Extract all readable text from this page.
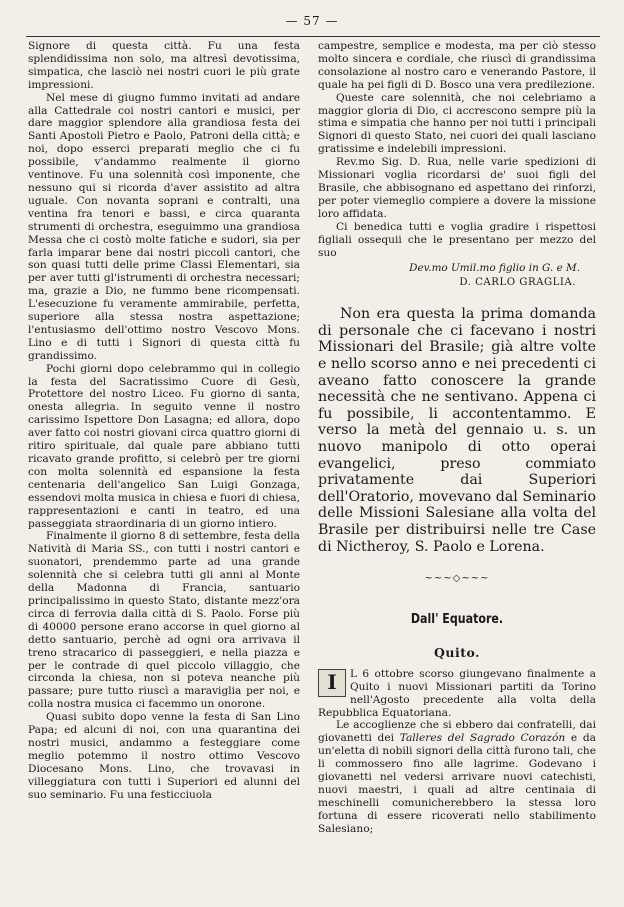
— 57 —

Signore di questa città. Fu una festa splendidissima non solo, ma altresì devotissima, simpatica, che lasciò nei nostri cuori le più grate impressioni.

Nel mese di giugno fummo invitati ad andare alla Cattedrale coi nostri cantori e musici, per dare maggior splendore alla grandiosa festa dei Santi Apostoli Pietro e Paolo, Patroni della città; e noi, dopo esserci preparati meglio che ci fu possibile, v'andammo realmente il giorno ventinove. Fu una solennità così imponente, che nessuno qui si ricorda d'aver assistito ad altra uguale. Con novanta soprani e contralti, una ventina fra tenori e bassi, e circa quaranta strumenti di orchestra, eseguimmo una grandiosa Messa che ci costò molte fatiche e sudori, sia per farla imparar bene dai nostri piccoli cantori, che son quasi tutti delle prime Classi Elementari, sia per aver tutti gl'istrumenti di orchestra necessari; ma, grazie a Dio, ne fummo bene ricompensati. L'esecuzione fu veramente ammirabile, perfetta, superiore alla stessa nostra aspettazione; l'entusiasmo dell'ottimo nostro Vescovo Mons. Lino e di tutti i Signori di questa città fu grandissimo.

Pochi giorni dopo celebrammo qui in collegio la festa del Sacratissimo Cuore di Gesù, Protettore del nostro Liceo. Fu giorno di santa, onesta allegria. In seguito venne il nostro carissimo Ispettore Don Lasagna; ed allora, dopo aver fatto coi nostri giovani circa quattro giorni di ritiro spirituale, dal quale pare abbiano tutti ricavato grande profitto, si celebrò per tre giorni con molta solennità ed espansione la festa centenaria dell'angelico San Luigi Gonzaga, essendovi molta musica in chiesa e fuori di chiesa, rappresentazioni e canti in teatro, ed una passeggiata straordinaria di un giorno intiero.

Finalmente il giorno 8 di settembre, festa della Natività di Maria SS., con tutti i nostri cantori e suonatori, prendemmo parte ad una grande solennità che si celebra tutti gli anni al Monte della Madonna di Francia, santuario principalissimo in questo Stato, distante mezz'ora circa di ferrovia dalla città di S. Paolo. Forse più di 40000 persone erano accorse in quel giorno al detto santuario, perchè ad ogni ora arrivava il treno stracarico di passeggieri, e nella piazza e per le contrade di quel piccolo villaggio, che circonda la chiesa, non si poteva neanche più passare; pure tutto riuscì a maraviglia per noi, e colla nostra musica ci facemmo un onorone.

Quasi subito dopo venne la festa di San Lino Papa; ed alcuni di noi, con una quarantina dei nostri musici, andammo a festeggiare come meglio potemmo il nostro ottimo Vescovo Diocesano Mons. Lino, che trovavasi in villeggiatura con tutti i Superiori ed alunni del suo seminario. Fu una festicciuola

campestre, semplice e modesta, ma per ciò stesso molto sincera e cordiale, che riuscì di grandissima consolazione al nostro caro e venerando Pastore, il quale ha pei figli di D. Bosco una vera predilezione.

Queste care solennità, che noi celebriamo a maggior gloria di Dio, ci accrescono sempre più la stima e simpatia che hanno per noi tutti i principali Signori di questo Stato, nei cuori dei quali lasciano gratissime e indelebili impressioni.

Rev.mo Sig. D. Rua, nelle varie spedizioni di Missionari voglia ricordarsi de' suoi figli del Brasile, che abbisognano ed aspettano dei rinforzi, per poter viemeglio compiere a dovere la missione loro affidata.

Ci benedica tutti e voglia gradire i rispettosi figliali ossequii che le presentano per mezzo del suo

Dev.mo Umil.mo figlio in G. e M.
D. CARLO GRAGLIA.

Non era questa la prima domanda di personale che ci facevano i nostri Missionari del Brasile; già altre volte e nello scorso anno e nei precedenti ci aveano fatto conoscere la grande necessità che ne sentivano. Appena ci fu possibile, li accontentammo. E verso la metà del gennaio u. s. un nuovo manipolo di otto operai evangelici, preso commiato privatamente dai Superiori dell'Oratorio, movevano dal Seminario delle Missioni Salesiane alla volta del Brasile per distribuirsi nelle tre Case di Nictheroy, S. Paolo e Lorena.

~~~◇~~~
Dall' Equatore.
Quito.

I	L 6 ottobre scorso giungevano finalmente a Quito i nuovi Missionari partiti da Torino nell'Agosto precedente alla volta della Repubblica Equatoriana.

Le accoglienze che si ebbero dai confratelli, dai giovanetti dei Talleres del Sagrado Corazón e da un'eletta di nobili signori della città furono tali, che li commossero fino alle lagrime. Godevano i giovanetti nel vedersi arrivare nuovi catechisti, nuovi maestri, i quali ad altre centinaia di meschinelli comunicherebbero la stessa loro fortuna di essere ricoverati nello stabilimento Salesiano;
